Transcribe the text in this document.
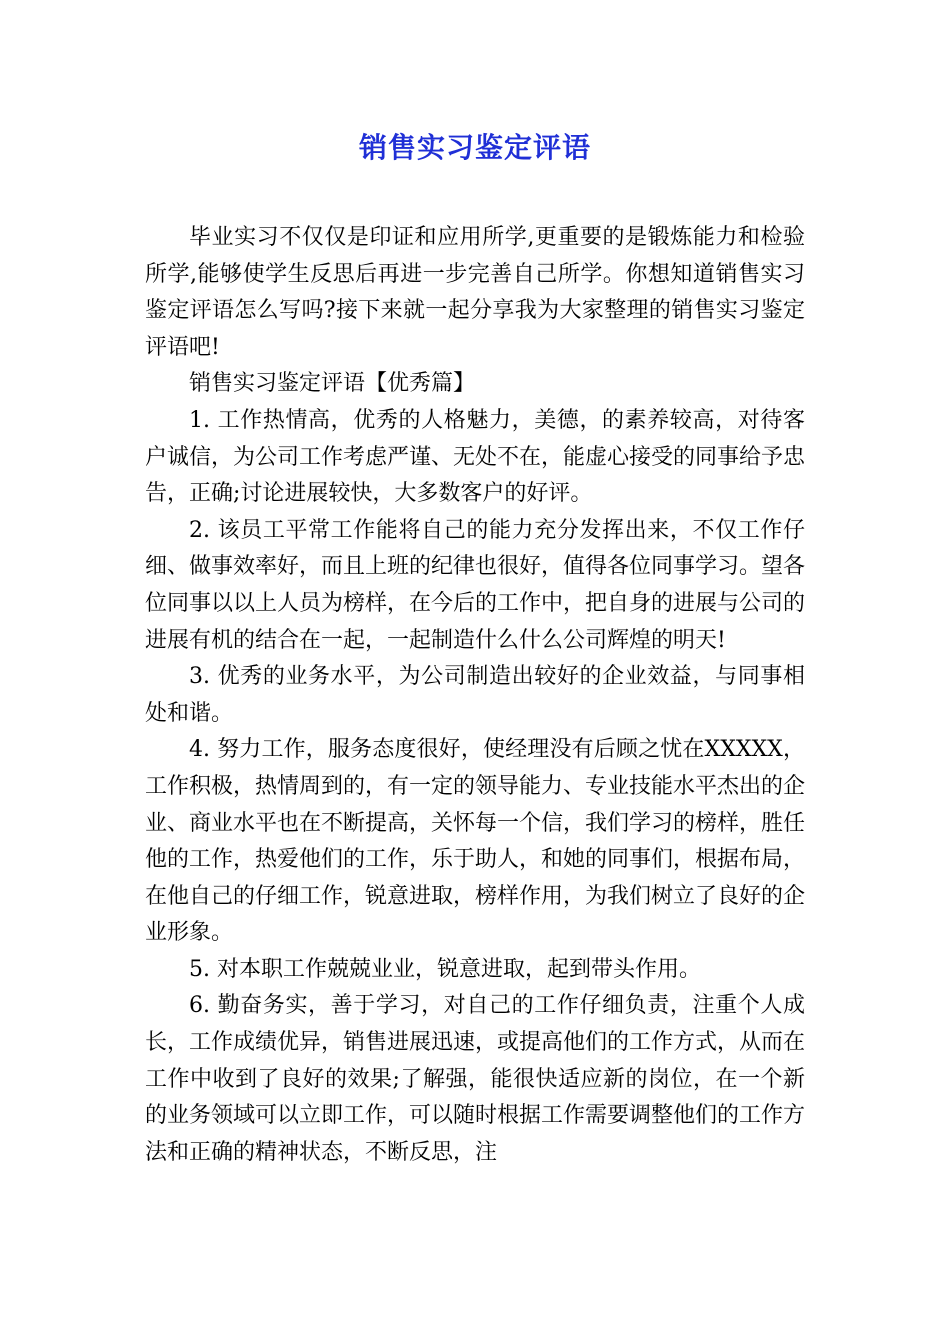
销售实习鉴定评语

毕业实习不仅仅是印证和应用所学,更重要的是锻炼能力和检验所学,能够使学生反思后再进一步完善自己所学。你想知道销售实习鉴定评语怎么写吗?接下来就一起分享我为大家整理的销售实习鉴定评语吧!

销售实习鉴定评语【优秀篇】

1. 工作热情高，优秀的人格魅力，美德，的素养较高，对待客户诚信，为公司工作考虑严谨、无处不在，能虚心接受的同事给予忠告，正确;讨论进展较快，大多数客户的好评。

2. 该员工平常工作能将自己的能力充分发挥出来，不仅工作仔细、做事效率好，而且上班的纪律也很好，值得各位同事学习。望各位同事以以上人员为榜样，在今后的工作中，把自身的进展与公司的进展有机的结合在一起，一起制造什么什么公司辉煌的明天!

3. 优秀的业务水平，为公司制造出较好的企业效益，与同事相处和谐。

4. 努力工作，服务态度很好，使经理没有后顾之忧在XXXXX，工作积极，热情周到的，有一定的领导能力、专业技能水平杰出的企业、商业水平也在不断提高，关怀每一个信，我们学习的榜样，胜任他的工作，热爱他们的工作，乐于助人，和她的同事们，根据布局，在他自己的仔细工作，锐意进取，榜样作用，为我们树立了良好的企业形象。

5. 对本职工作兢兢业业，锐意进取，起到带头作用。

6. 勤奋务实，善于学习，对自己的工作仔细负责，注重个人成长，工作成绩优异，销售进展迅速，或提高他们的工作方式，从而在工作中收到了良好的效果;了解强，能很快适应新的岗位，在一个新的业务领域可以立即工作，可以随时根据工作需要调整他们的工作方法和正确的精神状态，不断反思，注
